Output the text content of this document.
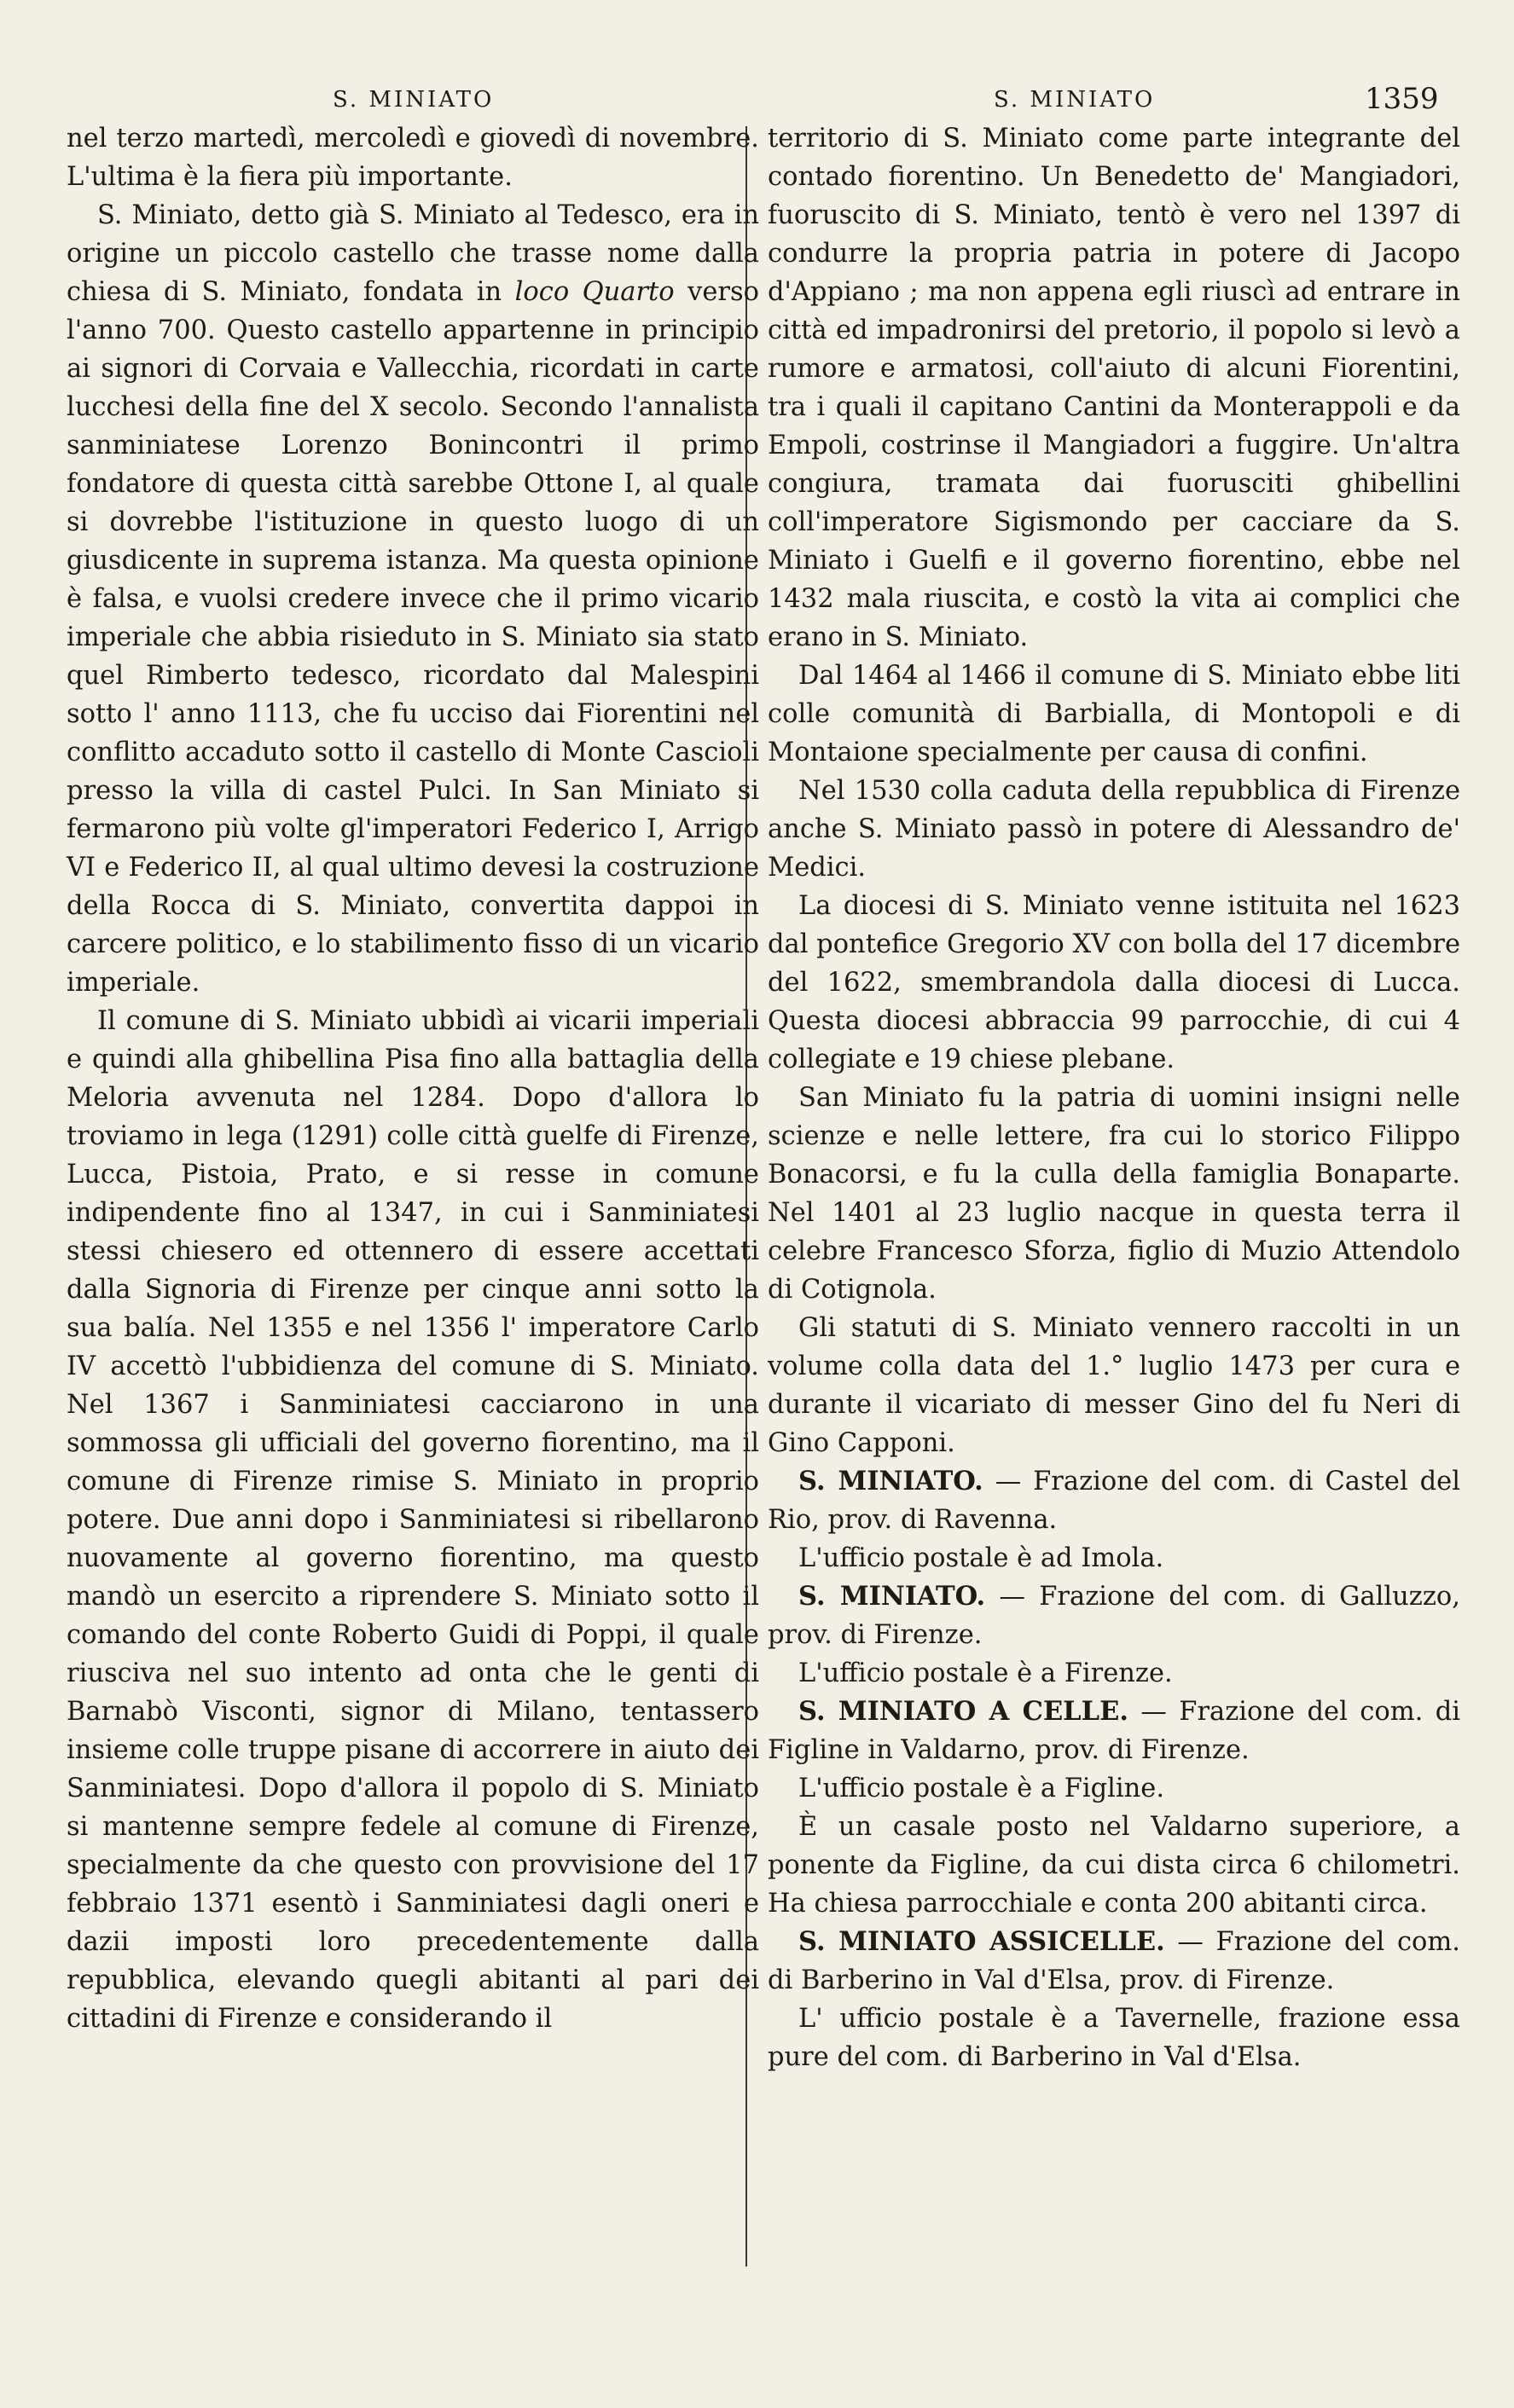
S. MINIATO	S. MINIATO	1359

nel terzo martedì, mercoledì e giovedì di novembre. L'ultima è la fiera più importante.

S. Miniato, detto già S. Miniato al Tedesco, era in origine un piccolo castello che trasse nome dalla chiesa di S. Miniato, fondata in loco Quarto verso l'anno 700. Questo castello appartenne in principio ai signori di Corvaia e Vallecchia, ricordati in carte lucchesi della fine del X secolo. Secondo l'annalista sanminiatese Lorenzo Bonincontri il primo fondatore di questa città sarebbe Ottone I, al quale si dovrebbe l'istituzione in questo luogo di un giusdicente in suprema istanza. Ma questa opinione è falsa, e vuolsi credere invece che il primo vicario imperiale che abbia risieduto in S. Miniato sia stato quel Rimberto tedesco, ricordato dal Malespini sotto l' anno 1113, che fu ucciso dai Fiorentini nel conflitto accaduto sotto il castello di Monte Cascioli presso la villa di castel Pulci. In San Miniato si fermarono più volte gl'imperatori Federico I, Arrigo VI e Federico II, al qual ultimo devesi la costruzione della Rocca di S. Miniato, convertita dappoi in carcere politico, e lo stabilimento fisso di un vicario imperiale.

Il comune di S. Miniato ubbidì ai vicarii imperiali e quindi alla ghibellina Pisa fino alla battaglia della Meloria avvenuta nel 1284. Dopo d'allora lo troviamo in lega (1291) colle città guelfe di Firenze, Lucca, Pistoia, Prato, e si resse in comune indipendente fino al 1347, in cui i Sanminiatesi stessi chiesero ed ottennero di essere accettati dalla Signoria di Firenze per cinque anni sotto la sua balía. Nel 1355 e nel 1356 l' imperatore Carlo IV accettò l'ubbidienza del comune di S. Miniato. Nel 1367 i Sanminiatesi cacciarono in una sommossa gli ufficiali del governo fiorentino, ma il comune di Firenze rimise S. Miniato in proprio potere. Due anni dopo i Sanminiatesi si ribellarono nuovamente al governo fiorentino, ma questo mandò un esercito a riprendere S. Miniato sotto il comando del conte Roberto Guidi di Poppi, il quale riusciva nel suo intento ad onta che le genti di Barnabò Visconti, signor di Milano, tentassero insieme colle truppe pisane di accorrere in aiuto dei Sanminiatesi. Dopo d'allora il popolo di S. Miniato si mantenne sempre fedele al comune di Firenze, specialmente da che questo con provvisione del 17 febbraio 1371 esentò i Sanminiatesi dagli oneri e dazii imposti loro precedentemente dalla repubblica, elevando quegli abitanti al pari dei cittadini di Firenze e considerando il

territorio di S. Miniato come parte integrante del contado fiorentino. Un Benedetto de' Mangiadori, fuoruscito di S. Miniato, tentò è vero nel 1397 di condurre la propria patria in potere di Jacopo d'Appiano ; ma non appena egli riuscì ad entrare in città ed impadronirsi del pretorio, il popolo si levò a rumore e armatosi, coll'aiuto di alcuni Fiorentini, tra i quali il capitano Cantini da Monterappoli e da Empoli, costrinse il Mangiadori a fuggire. Un'altra congiura, tramata dai fuorusciti ghibellini coll'imperatore Sigismondo per cacciare da S. Miniato i Guelfi e il governo fiorentino, ebbe nel 1432 mala riuscita, e costò la vita ai complici che erano in S. Miniato.

Dal 1464 al 1466 il comune di S. Miniato ebbe liti colle comunità di Barbialla, di Montopoli e di Montaione specialmente per causa di confini.

Nel 1530 colla caduta della repubblica di Firenze anche S. Miniato passò in potere di Alessandro de' Medici.

La diocesi di S. Miniato venne istituita nel 1623 dal pontefice Gregorio XV con bolla del 17 dicembre del 1622, smembrandola dalla diocesi di Lucca. Questa diocesi abbraccia 99 parrocchie, di cui 4 collegiate e 19 chiese plebane.

San Miniato fu la patria di uomini insigni nelle scienze e nelle lettere, fra cui lo storico Filippo Bonacorsi, e fu la culla della famiglia Bonaparte. Nel 1401 al 23 luglio nacque in questa terra il celebre Francesco Sforza, figlio di Muzio Attendolo di Cotignola.

Gli statuti di S. Miniato vennero raccolti in un volume colla data del 1.° luglio 1473 per cura e durante il vicariato di messer Gino del fu Neri di Gino Capponi.

S. MINIATO. — Frazione del com. di Castel del Rio, prov. di Ravenna.

L'ufficio postale è ad Imola.

S. MINIATO. — Frazione del com. di Galluzzo, prov. di Firenze.

L'ufficio postale è a Firenze.

S. MINIATO A CELLE. — Frazione del com. di Figline in Valdarno, prov. di Firenze.

L'ufficio postale è a Figline.

È un casale posto nel Valdarno superiore, a ponente da Figline, da cui dista circa 6 chilometri. Ha chiesa parrocchiale e conta 200 abitanti circa.

S. MINIATO ASSICELLE. — Frazione del com. di Barberino in Val d'Elsa, prov. di Firenze.

L' ufficio postale è a Tavernelle, frazione essa pure del com. di Barberino in Val d'Elsa.
